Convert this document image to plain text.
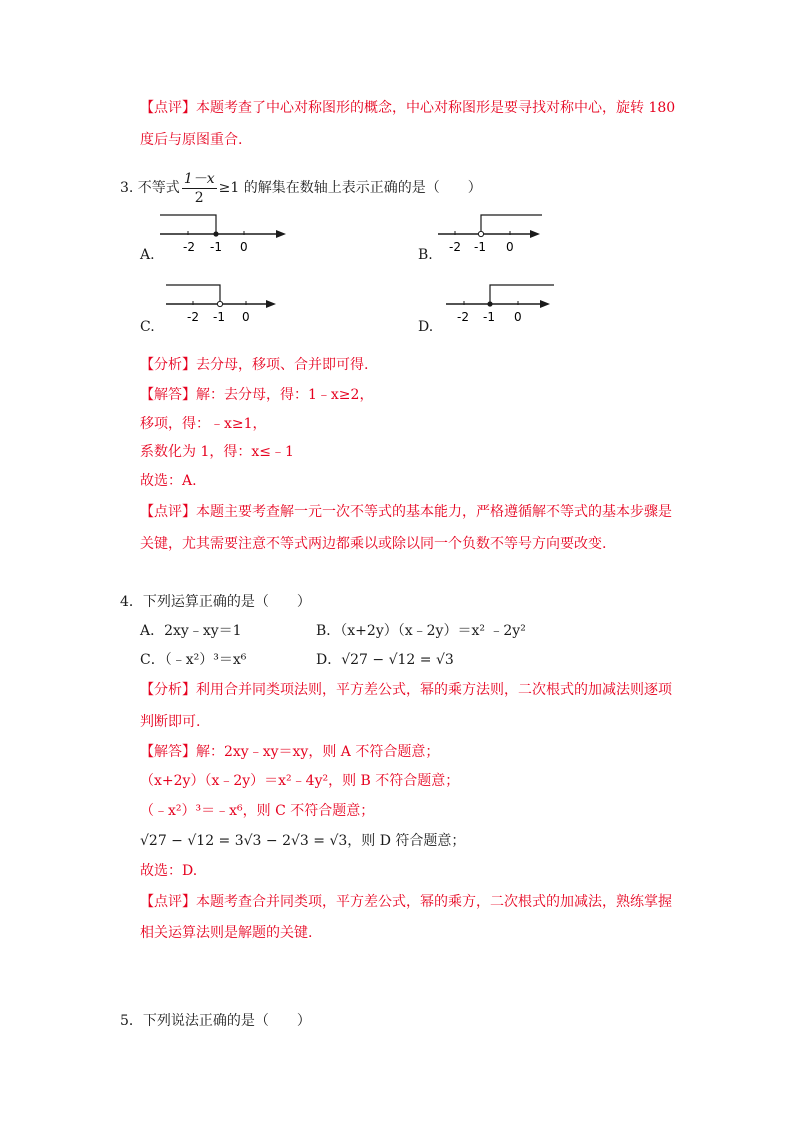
【点评】本题考查了中心对称图形的概念，中心对称图形是要寻找对称中心，旋转 180
度后与原图重合.
3. 不等式 $\frac{1-x}{2} \ge 1$ 的解集在数轴上表示正确的是（　　）
-2 -1 0
A.	-2 -1 0
B.
-2 -1 0
C.
-2 -1 0
D.
【分析】去分母，移项、合并即可得.
【解答】解：去分母，得：1﹣x≥2，
移项，得：﹣x≥1，
系数化为 1，得：x≤﹣1
故选：A.
【点评】本题主要考查解一元一次不等式的基本能力，严格遵循解不等式的基本步骤是
关键，尤其需要注意不等式两边都乘以或除以同一个负数不等号方向要改变.
4．下列运算正确的是（　　）
A．2xy﹣xy＝1	B．（x+2y）（x﹣2y）＝x² ﹣2y²
C．（﹣x²）³＝x⁶	D．√27 − √12 = √3
【分析】利用合并同类项法则，平方差公式，幂的乘方法则，二次根式的加减法则逐项
判断即可.
【解答】解：2xy﹣xy＝xy，则 A 不符合题意；
（x+2y）（x﹣2y）＝x²﹣4y²，则 B 不符合题意；
（﹣x²）³＝﹣x⁶，则 C 不符合题意；
√27 − √12 = 3√3 − 2√3 = √3，则 D 符合题意；
故选：D.
【点评】本题考查合并同类项，平方差公式，幂的乘方，二次根式的加减法，熟练掌握
相关运算法则是解题的关键.
5．下列说法正确的是（　　）
